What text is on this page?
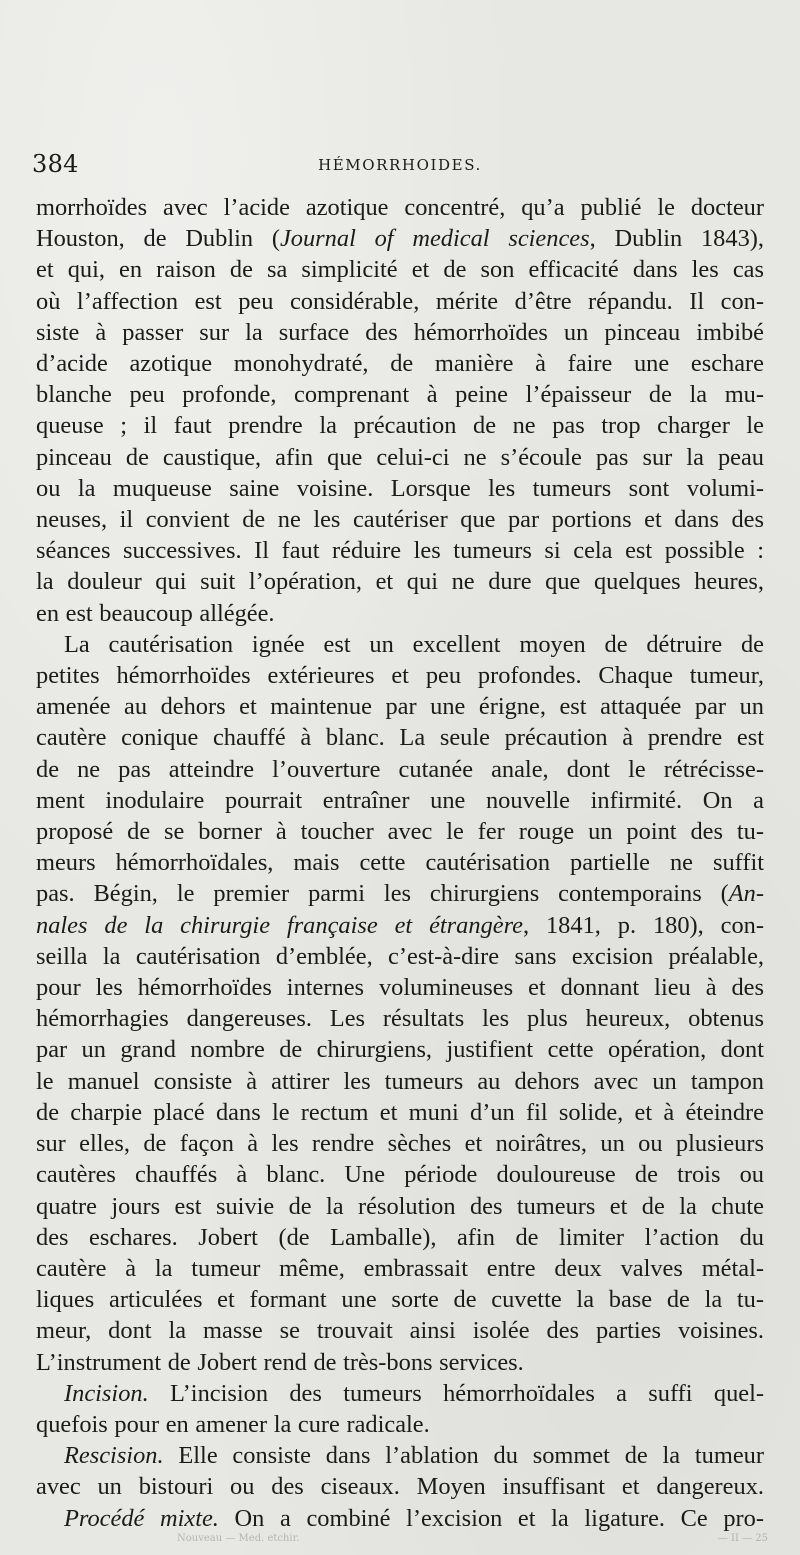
384	HÉMORRHOIDES.
morrhoïdes avec l’acide azotique concentré, qu’a publié le docteur
Houston, de Dublin (Journal of medical sciences, Dublin 1843),
et qui, en raison de sa simplicité et de son efficacité dans les cas
où l’affection est peu considérable, mérite d’être répandu. Il con-
siste à passer sur la surface des hémorrhoïdes un pinceau imbibé
d’acide azotique monohydraté, de manière à faire une eschare
blanche peu profonde, comprenant à peine l’épaisseur de la mu-
queuse ; il faut prendre la précaution de ne pas trop charger le
pinceau de caustique, afin que celui-ci ne s’écoule pas sur la peau
ou la muqueuse saine voisine. Lorsque les tumeurs sont volumi-
neuses, il convient de ne les cautériser que par portions et dans des
séances successives. Il faut réduire les tumeurs si cela est possible :
la douleur qui suit l’opération, et qui ne dure que quelques heures,
en est beaucoup allégée.
La cautérisation ignée est un excellent moyen de détruire de
petites hémorrhoïdes extérieures et peu profondes. Chaque tumeur,
amenée au dehors et maintenue par une érigne, est attaquée par un
cautère conique chauffé à blanc. La seule précaution à prendre est
de ne pas atteindre l’ouverture cutanée anale, dont le rétrécisse-
ment inodulaire pourrait entraîner une nouvelle infirmité. On a
proposé de se borner à toucher avec le fer rouge un point des tu-
meurs hémorrhoïdales, mais cette cautérisation partielle ne suffit
pas. Bégin, le premier parmi les chirurgiens contemporains (An-
nales de la chirurgie française et étrangère, 1841, p. 180), con-
seilla la cautérisation d’emblée, c’est-à-dire sans excision préalable,
pour les hémorrhoïdes internes volumineuses et donnant lieu à des
hémorrhagies dangereuses. Les résultats les plus heureux, obtenus
par un grand nombre de chirurgiens, justifient cette opération, dont
le manuel consiste à attirer les tumeurs au dehors avec un tampon
de charpie placé dans le rectum et muni d’un fil solide, et à éteindre
sur elles, de façon à les rendre sèches et noirâtres, un ou plusieurs
cautères chauffés à blanc. Une période douloureuse de trois ou
quatre jours est suivie de la résolution des tumeurs et de la chute
des eschares. Jobert (de Lamballe), afin de limiter l’action du
cautère à la tumeur même, embrassait entre deux valves métal-
liques articulées et formant une sorte de cuvette la base de la tu-
meur, dont la masse se trouvait ainsi isolée des parties voisines.
L’instrument de Jobert rend de très-bons services.
Incision. L’incision des tumeurs hémorrhoïdales a suffi quel-
quefois pour en amener la cure radicale.
Rescision. Elle consiste dans l’ablation du sommet de la tumeur
avec un bistouri ou des ciseaux. Moyen insuffisant et dangereux.
Procédé mixte. On a combiné l’excision et la ligature. Ce pro-
Nouveau — Med. etchir.	— II — 25
